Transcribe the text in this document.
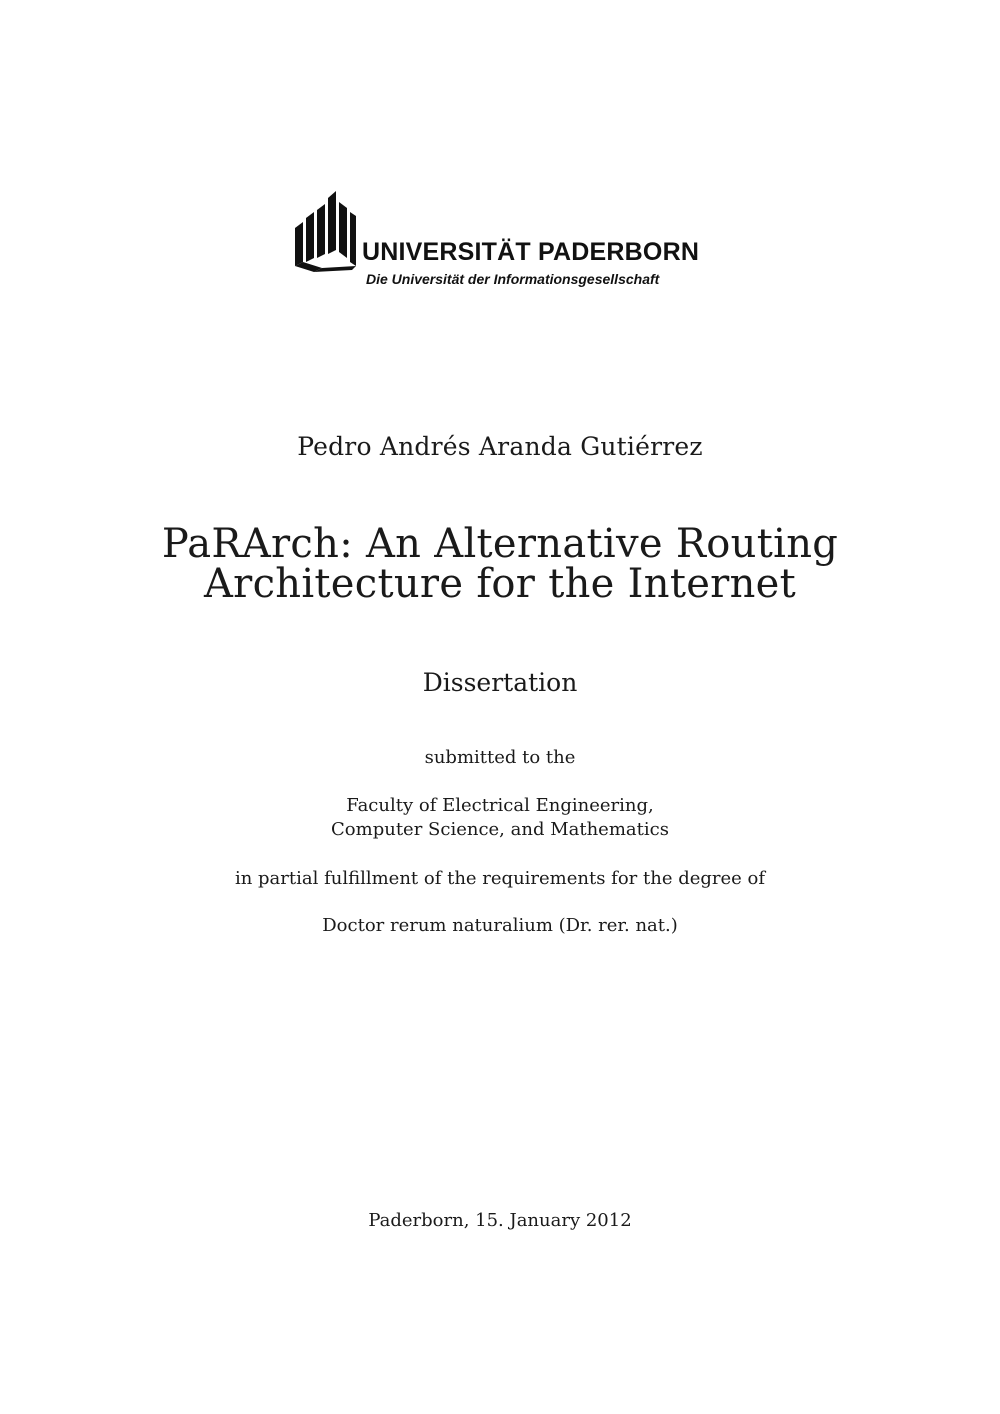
UNIVERSITÄT PADERBORN
Die Universität der Informationsgesellschaft
Pedro Andrés Aranda Gutiérrez
PaRArch: An Alternative Routing
Architecture for the Internet
Dissertation
submitted to the
Faculty of Electrical Engineering,
Computer Science, and Mathematics
in partial fulfillment of the requirements for the degree of
Doctor rerum naturalium (Dr. rer. nat.)
Paderborn, 15. January 2012
